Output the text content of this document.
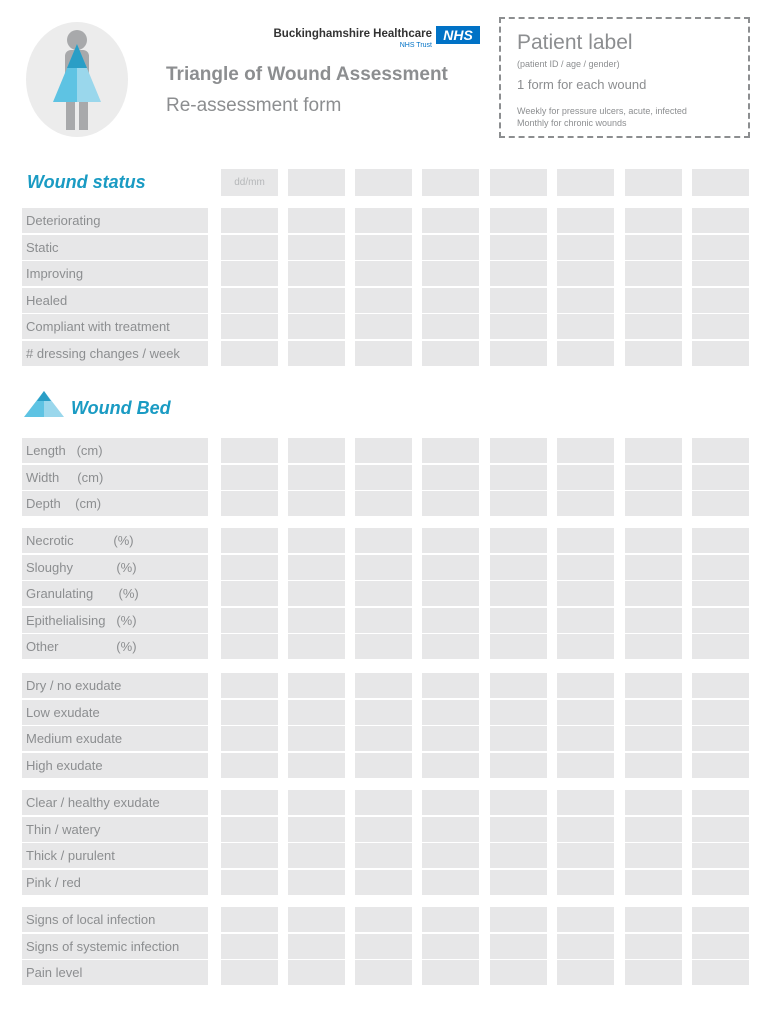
Buckinghamshire Healthcare
NHS Trust
NHS
Triangle of Wound Assessment
Re-assessment form
Patient label
(patient ID / age / gender)
1 form for each wound
Weekly for pressure ulcers, acute, infected
Monthly for chronic wounds
Wound status	dd/mm
Deteriorating
Static
Improving
Healed
Compliant with treatment
# dressing changes / week
Wound Bed
Length   (cm)
Width     (cm)
Depth    (cm)
Necrotic           (%)
Sloughy            (%)
Granulating       (%)
Epithelialising   (%)
Other                (%)
Dry / no exudate
Low exudate
Medium exudate
High exudate
Clear / healthy exudate
Thin / watery
Thick / purulent
Pink / red
Signs of local infection
Signs of systemic infection
Pain level
